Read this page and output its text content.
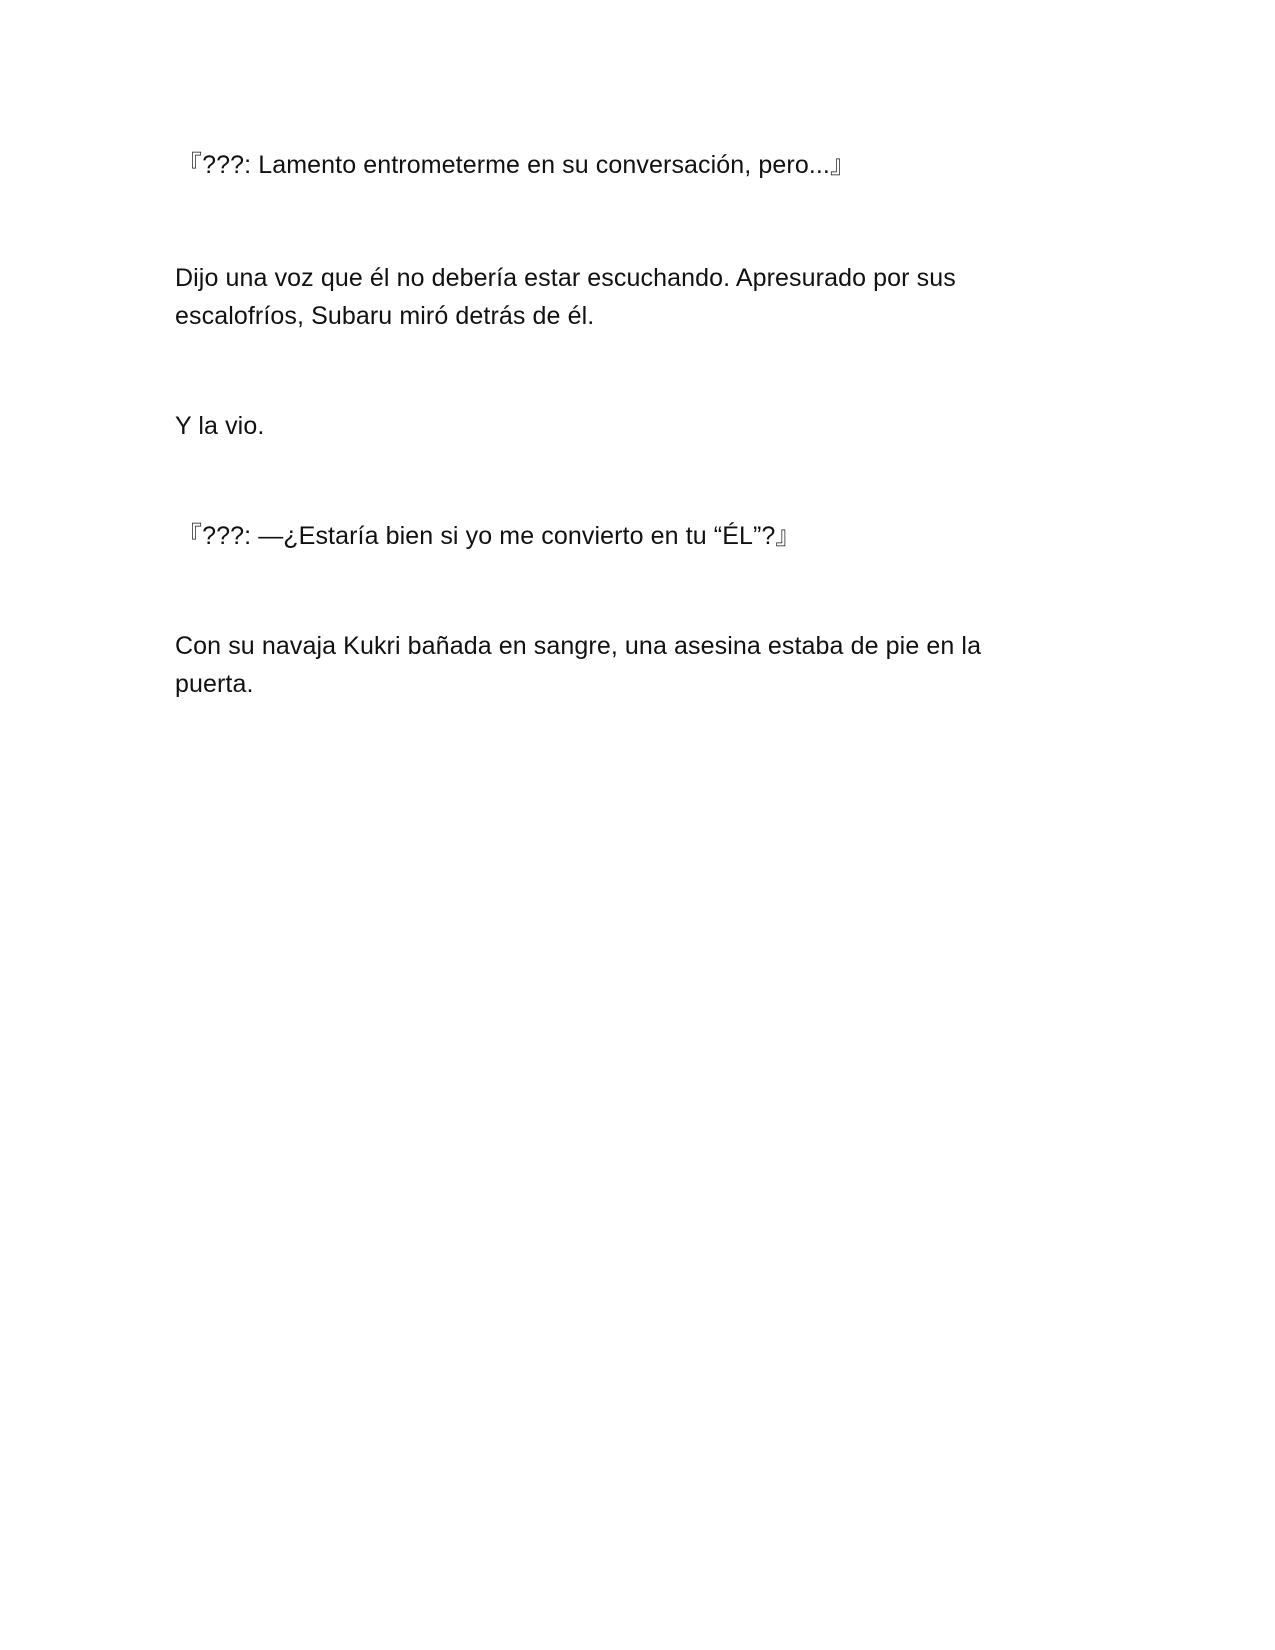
『???: Lamento entrometerme en su conversación, pero...』

Dijo una voz que él no debería estar escuchando. Apresurado por sus escalofríos, Subaru miró detrás de él.

Y la vio.

『???: —¿Estaría bien si yo me convierto en tu “ÉL”?』

Con su navaja Kukri bañada en sangre, una asesina estaba de pie en la puerta.
